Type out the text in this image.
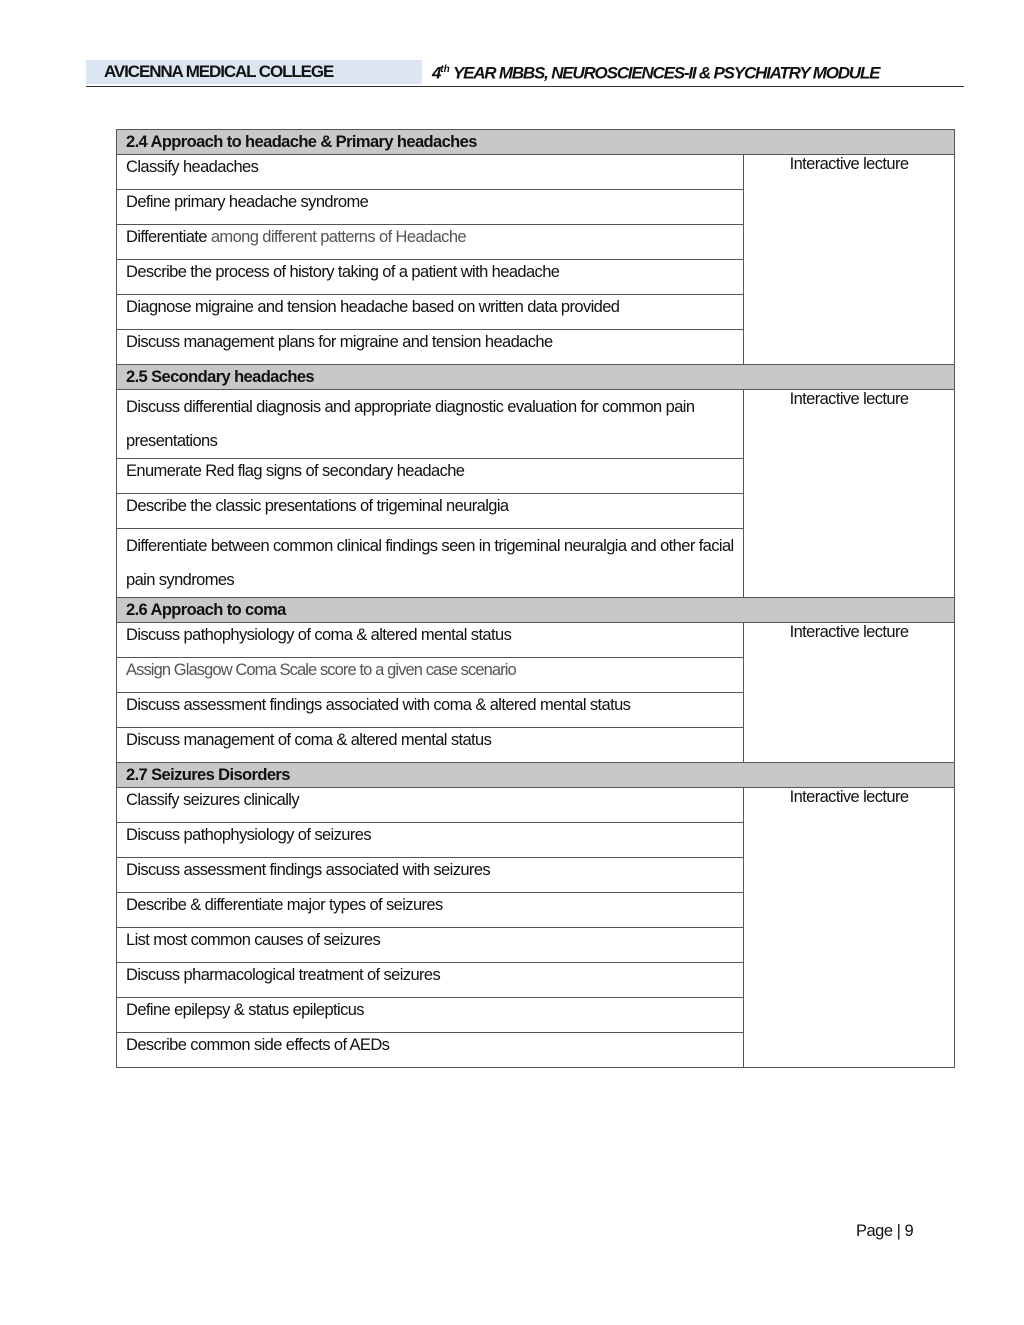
AVICENNA MEDICAL COLLEGE	4th YEAR MBBS, NEUROSCIENCES-II & PSYCHIATRY MODULE
2.4 Approach to headache & Primary headaches	
Classify headaches	Interactive lecture
Define primary headache syndrome	
Differentiate among different patterns of Headache	
Describe the process of history taking of a patient with headache	
Diagnose migraine and tension headache based on written data provided	
Discuss management plans for migraine and tension headache	
2.5 Secondary headaches	
Discuss differential diagnosis and appropriate diagnostic evaluation for common pain presentations	Interactive lecture
Enumerate Red flag signs of secondary headache	
Describe the classic presentations of trigeminal neuralgia	
Differentiate between common clinical findings seen in trigeminal neuralgia and other facial pain syndromes	
2.6 Approach to coma	
Discuss pathophysiology of coma & altered mental status	Interactive lecture
Assign Glasgow Coma Scale score to a given case scenario	
Discuss assessment findings associated with coma & altered mental status	
Discuss management of coma & altered mental status	
2.7 Seizures Disorders	
Classify seizures clinically	Interactive lecture
Discuss pathophysiology of seizures	
Discuss assessment findings associated with seizures	
Describe & differentiate major types of seizures	
List most common causes of seizures	
Discuss pharmacological treatment of seizures	
Define epilepsy & status epilepticus	
Describe common side effects of AEDs	
Page | 9
